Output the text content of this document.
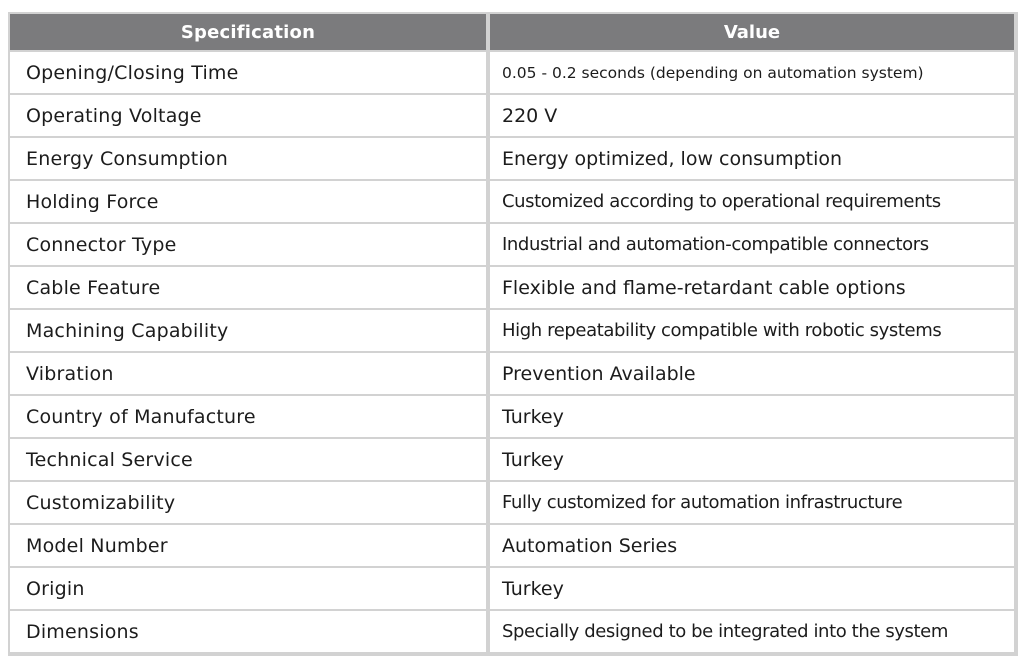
Specification	Value
Opening/Closing Time	0.05 - 0.2 seconds (depending on automation system)
Operating Voltage	220 V
Energy Consumption	Energy optimized, low consumption
Holding Force	Customized according to operational requirements
Connector Type	Industrial and automation-compatible connectors
Cable Feature	Flexible and flame-retardant cable options
Machining Capability	High repeatability compatible with robotic systems
Vibration	Prevention Available
Country of Manufacture	Turkey
Technical Service	Turkey
Customizability	Fully customized for automation infrastructure
Model Number	Automation Series
Origin	Turkey
Dimensions	Specially designed to be integrated into the system
